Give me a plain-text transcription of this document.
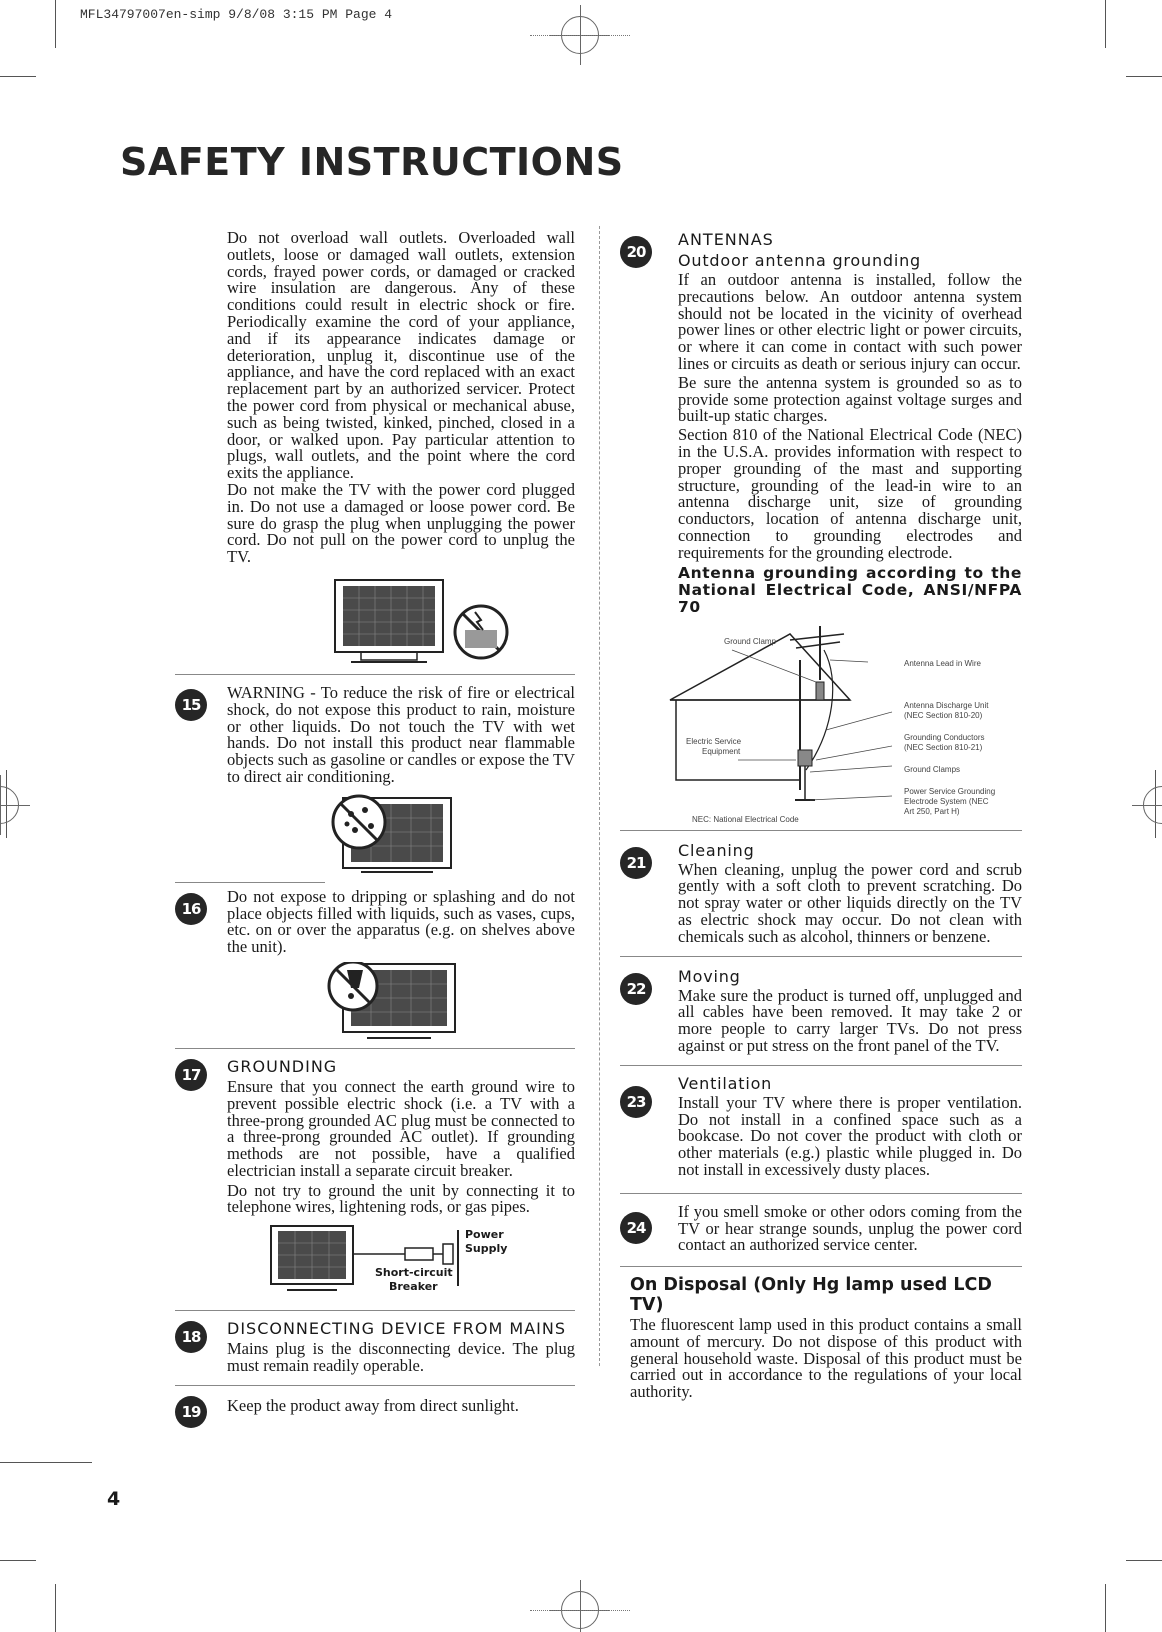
MFL34797007en-simp 9/8/08 3:15 PM Page 4
SAFETY INSTRUCTIONS

Do not overload wall outlets. Overloaded wall outlets, loose or damaged wall outlets, extension cords, frayed power cords, or damaged or cracked wire insulation are dangerous. Any of these conditions could result in electric shock or fire. Periodically examine the cord of your appliance, and if its appearance indicates damage or deterioration, unplug it, discontinue use of the appliance, and have the cord replaced with an exact replacement part by an authorized servicer. Protect the power cord from physical or mechanical abuse, such as being twisted, kinked, pinched, closed in a door, or walked upon. Pay particular attention to plugs, wall outlets, and the point where the cord exits the appliance.

Do not make the TV with the power cord plugged in. Do not use a damaged or loose power cord. Be sure do grasp the plug when unplugging the power cord. Do not pull on the power cord to unplug the TV.

15

WARNING - To reduce the risk of fire or electrical shock, do not expose this product to rain, moisture or other liquids. Do not touch the TV with wet hands. Do not install this product near flammable objects such as gasoline or candles or expose the TV to direct air conditioning.

16

Do not expose to dripping or splashing and do not place objects filled with liquids, such as vases, cups, etc. on or over the apparatus (e.g. on shelves above the unit).

17	GROUNDING

Ensure that you connect the earth ground wire to prevent possible electric shock (i.e. a TV with a three-prong grounded AC plug must be connected to a three-prong grounded AC outlet). If grounding methods are not possible, have a qualified electrician install a separate circuit breaker.

Do not try to ground the unit by connecting it to telephone wires, lightening rods, or gas pipes.

Power
Supply
Short-circuit
Breaker
18	DISCONNECTING DEVICE FROM MAINS

Mains plug is the disconnecting device. The plug must remain readily operable.

19	Keep the product away from direct sunlight.

20
ANTENNAS
Outdoor antenna grounding

If an outdoor antenna is installed, follow the precautions below. An outdoor antenna system should not be located in the vicinity of overhead power lines or other electric light or power circuits, or where it can come in contact with such power lines or circuits as death or serious injury can occur.

Be sure the antenna system is grounded so as to provide some protection against voltage surges and built-up static charges.

Section 810 of the National Electrical Code (NEC) in the U.S.A. provides information with respect to proper grounding of the mast and supporting structure, grounding of the lead-in wire to an antenna discharge unit, size of grounding conductors, location of antenna discharge unit, connection to grounding electrodes and requirements for the grounding electrode.

Antenna grounding according to the National Electrical Code, ANSI/NFPA 70
Ground Clamp
Antenna Lead in Wire
Antenna Discharge Unit
(NEC Section 810-20)
Grounding Conductors
(NEC Section 810-21)
Ground Clamps
Power Service Grounding
Electrode System (NEC
Art 250, Part H)
Electric Service
Equipment
NEC: National Electrical Code
21
Cleaning

When cleaning, unplug the power cord and scrub gently with a soft cloth to prevent scratching. Do not spray water or other liquids directly on the TV as electric shock may occur. Do not clean with chemicals such as alcohol, thinners or benzene.

22
Moving

Make sure the product is turned off, unplugged and all cables have been removed. It may take 2 or more people to carry larger TVs. Do not press against or put stress on the front panel of the TV.

23
Ventilation

Install your TV where there is proper ventilation. Do not install in a confined space such as a bookcase. Do not cover the product with cloth or other materials (e.g.) plastic while plugged in. Do not install in excessively dusty places.

24

If you smell smoke or other odors coming from the TV or hear strange sounds, unplug the power cord contact an authorized service center.

On Disposal (Only Hg lamp used LCD TV)

The fluorescent lamp used in this product contains a small amount of mercury. Do not dispose of this product with general household waste. Disposal of this product must be carried out in accordance to the regulations of your local authority.

4
